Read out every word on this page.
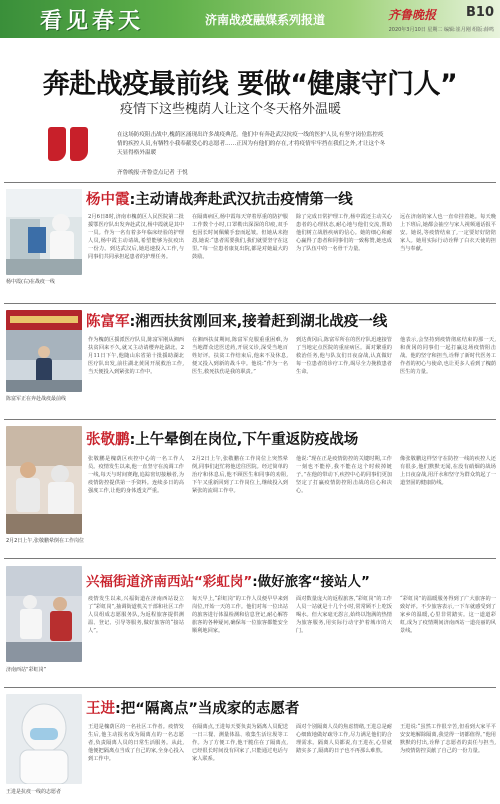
看见春天	济南战疫融媒系列报道	齐鲁晚报 B10
2020年3月10日 星期二 编辑:崔月刚 组版:薛鸣
奔赴战疫最前线 要做“健康守门人”
疫情下这些槐荫人让这个冬天格外温暖

在这场防疫阻击战中,槐荫区涌现出许多战疫典范。他们中有奔赴武汉抗疫一线的医护人员,有坚守岗位监控疫情的疾控人员,有牺牲小我奉献爱心的志愿者……正因为有他们的存在,才将疫情牢牢挡在我们之外,才让这个冬天显得格外温暖

齐鲁晚报·齐鲁壹点记者 于悦
杨中霞(右)在战疫一线
杨中霞:主动请战奔赴武汉抗击疫情第一线

2月6日8时,济南市槐荫区人民医院第二批援鄂医疗队出发奔赴武汉,杨中霞就是其中一员。作为一名有着多年临床经验的护理人员,杨中霞主动请战,希望能够为抗疫出一份力。到达武汉后,她迅速投入工作,与同事们共同承担起患者的护理任务。

在隔离病区,杨中霞每天穿着厚重的防护服工作数个小时,口罩勒出深深的印痕,双手也因长时间佩戴手套而起皱。但她从未抱怨,她说:“患者需要我们,我们就要坚守在这里。”每一位患者康复出院,都是对她最大的鼓励。

除了完成日常护理工作,杨中霞还主动关心患者的心理状态,耐心地与他们交流,帮助他们树立战胜疾病的信心。她的细心和耐心赢得了患者和同事们的一致称赞,她也成为了队伍中的一名骨干力量。

远在济南的家人也一直牵挂着她。每天晚上下班后,她都会抽空与家人视频通话报平安。她说,等疫情结束了,一定要好好陪陪家人。她用实际行动诠释了白衣天使的担当与奉献。

陈富军正在奔赴战疫最前线
陈富军:湘西扶贫刚回来,接着赶到湖北战疫一线

作为槐荫区援派医疗队员,陈富军刚从湘西扶贫回来不久,就又主动请缨奔赴湖北。2月11日下午,他随山东省第十批援助湖北医疗队出发,前往湖北黄冈开展救治工作,当天便投入到紧张的工作中。

在湘西扶贫期间,陈富军克服重重困难,为当地群众送医送药,开展义诊,深受当地百姓好评。扶贫工作结束后,他来不及休息,便又投入到新的战斗中。他说:“作为一名医生,救死扶伤是我的职责。”

到达黄冈后,陈富军所在的医疗队迅速接管了当地定点医院的重症病区。面对繁重的救治任务,他与队友们日夜奋战,认真做好每一位患者的诊疗工作,竭尽全力挽救患者生命。

他表示,会坚持到疫情彻底结束的那一天,和黄冈的同事们一起打赢这场疫情阻击战。他的坚守和担当,诠释了新时代医务工作者的初心与使命,也让更多人看到了槐荫医生的力量。

2月2日上午,张敬鹏晕倒在工作岗位
张敬鹏:上午晕倒在岗位,下午重返防疫战场

张敬鹏是槐荫区疾控中心的一名工作人员。疫情发生以来,他一直坚守在流调工作一线,每天与时间赛跑,追踪密切接触者,为疫情防控提供第一手资料。连续多日的高强度工作,让他的身体透支严重。

2月2日上午,张敬鹏在工作岗位上突然晕倒,同事们赶忙将他送往医院。经过简单的治疗和休息后,他不顾医生和同事的劝阻,下午又重新回到了工作岗位上,继续投入到紧张的流调工作中。

他说:“现在正是疫情防控的关键时期,工作一刻也不能停,我不能在这个时候掉链子。”在他的带动下,疾控中心的同事们更加坚定了打赢疫情防控阻击战的信心和决心。

像张敬鹏这样坚守在防控一线的疾控人还有很多,他们默默无闻,在没有硝烟的战场上日夜奋战,用汗水和坚守为群众筑起了一道坚固的健康防线。

济南西站“彩虹岗”
兴福街道济南西站“彩虹岗”:做好旅客“接站人”

疫情发生以来,兴福街道在济南西站设立了“彩虹岗”,抽调街道机关干部和社区工作人员组成志愿服务队,为返程旅客提供测温、登记、引导等服务,做好旅客的“接站人”。

每天早上,“彩虹岗”的工作人员便早早来到岗位,开始一天的工作。他们对每一位出站的旅客进行体温检测和信息登记,耐心解答旅客的各种疑问,确保每一位旅客都能安全顺利地回家。

面对数量庞大的返程旅客,“彩虹岗”的工作人员一站就是十几个小时,常常顾不上吃饭喝水。但大家毫无怨言,始终以饱满的热情为旅客服务,用实际行动守护着城市的大门。

“彩虹岗”的温暖服务得到了广大旅客的一致好评。不少旅客表示,一下车就感受到了家乡的温暖,心里非常踏实。这一道道彩虹,成为了疫情期间济南西站一道亮丽的风景线。

王进是抗疫一线的志愿者
王进:把“隔离点”当成家的志愿者

王进是槐荫区的一名社区工作者。疫情发生后,他主动报名成为隔离点的一名志愿者,负责隔离人员的日常生活服务。从此,他便把隔离点当成了自己的家,全身心投入到工作中。

在隔离点,王进每天要负责为隔离人员配送一日三餐、测量体温、收集生活垃圾等工作。为了方便工作,他干脆住在了隔离点,已经很长时间没有回家了,只能通过电话与家人联系。

面对个别隔离人员的焦虑情绪,王进总是耐心细致地做好疏导工作,尽力满足他们的合理需求。隔离人员都说,有王进在,心里就踏实多了,隔离的日子也不再那么难熬。

王进说:“虽然工作很辛苦,但看到大家平平安安地解除隔离,我觉得一切都值得。”他用默默的付出,诠释了志愿者的责任与担当,为疫情防控贡献了自己的一份力量。
